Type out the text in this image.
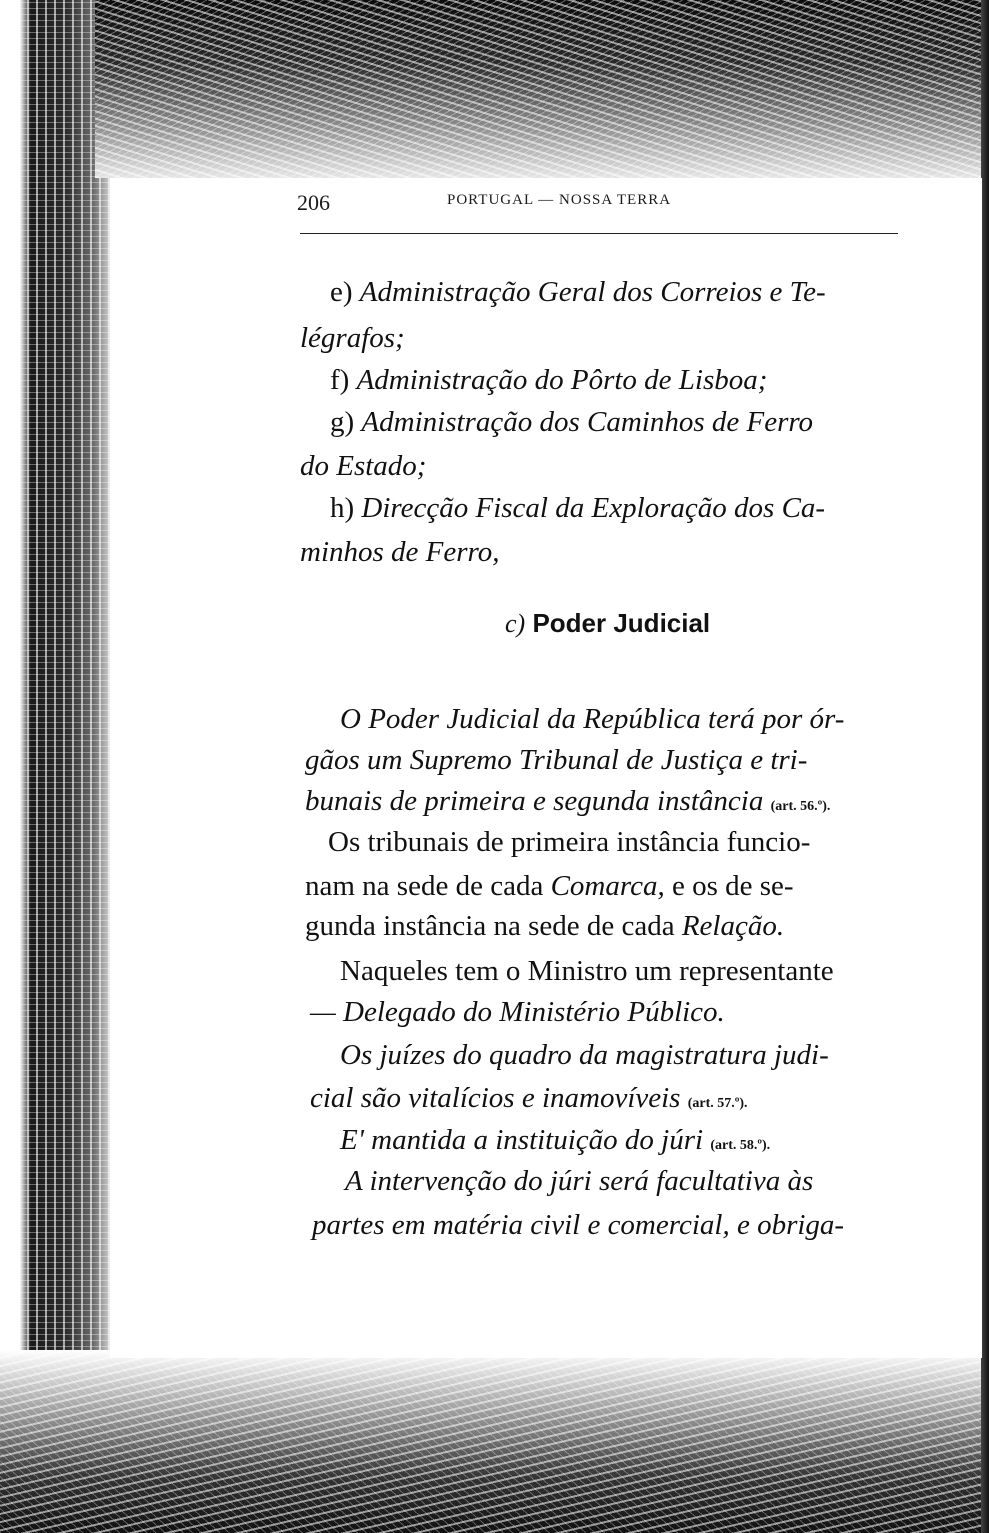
206	PORTUGAL — NOSSA TERRA
e) Administração Geral dos Correios e Te-
légrafos;
f) Administração do Pôrto de Lisboa;
g) Administração dos Caminhos de Ferro
do Estado;
h) Direcção Fiscal da Exploração dos Ca-
minhos de Ferro,
c) Poder Judicial
O Poder Judicial da República terá por ór-
gãos um Supremo Tribunal de Justiça e tri-
bunais de primeira e segunda instância (art. 56.º).
Os tribunais de primeira instância funcio-
nam na sede de cada Comarca, e os de se-
gunda instância na sede de cada Relação.
Naqueles tem o Ministro um representante
— Delegado do Ministério Público.
Os juízes do quadro da magistratura judi-
cial são vitalícios e inamovíveis (art. 57.º).
E' mantida a instituição do júri (art. 58.º).
A intervenção do júri será facultativa às
partes em matéria civil e comercial, e obriga-
